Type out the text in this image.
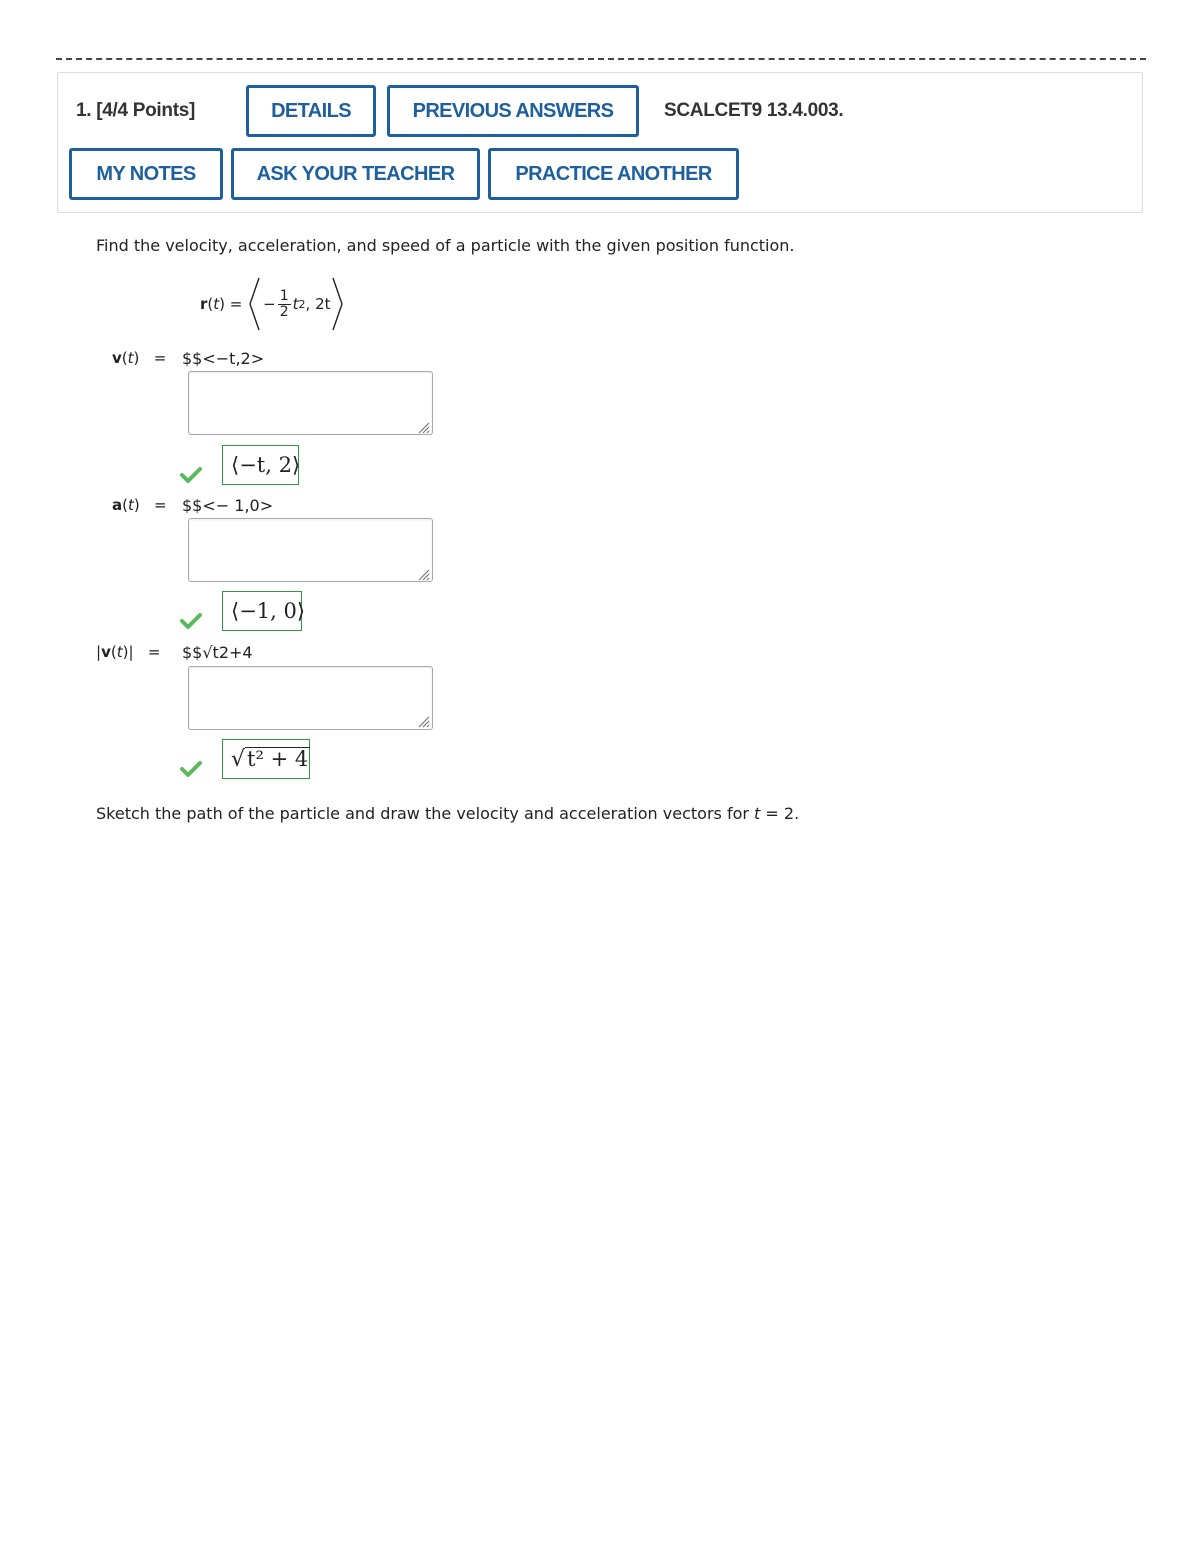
1. [4/4 Points]	DETAILS	PREVIOUS ANSWERS	SCALCET9 13.4.003.
MY NOTES	ASK YOUR TEACHER	PRACTICE ANOTHER
Find the velocity, acceleration, and speed of a particle with the given position function.
r ( t ) =
− $\frac{1}{2}$ t 2 ,
2t
v(t) = $$<−t,2>
⟨−t, 2⟩
a(t) = $$<− 1,0>
⟨−1, 0⟩
|v(t)| = $$√t2+4
√ t² + 4
Sketch the path of the particle and draw the velocity and acceleration vectors for t = 2.
